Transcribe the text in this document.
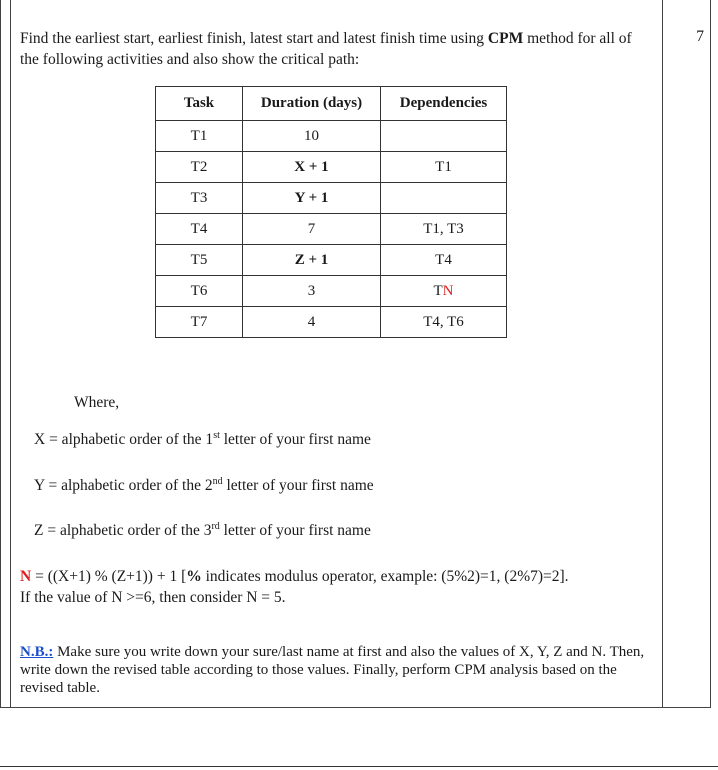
Find the earliest start, earliest finish, latest start and latest finish time using CPM method for all of the following activities and also show the critical path:
7
Task	Duration (days)	Dependencies
T1	10	
T2	X + 1	T1
T3	Y + 1	
T4	7	T1, T3
T5	Z + 1	T4
T6	3	TN
T7	4	T4, T6
Where,
X = alphabetic order of the 1st letter of your first name
Y = alphabetic order of the 2nd letter of your first name
Z = alphabetic order of the 3rd letter of your first name
N = ((X+1) % (Z+1)) + 1 [% indicates modulus operator, example: (5%2)=1, (2%7)=2].
If the value of N >=6, then consider N = 5.
N.B.: Make sure you write down your sure/last name at first and also the values of X, Y, Z and N. Then, write down the revised table according to those values. Finally, perform CPM analysis based on the revised table.
